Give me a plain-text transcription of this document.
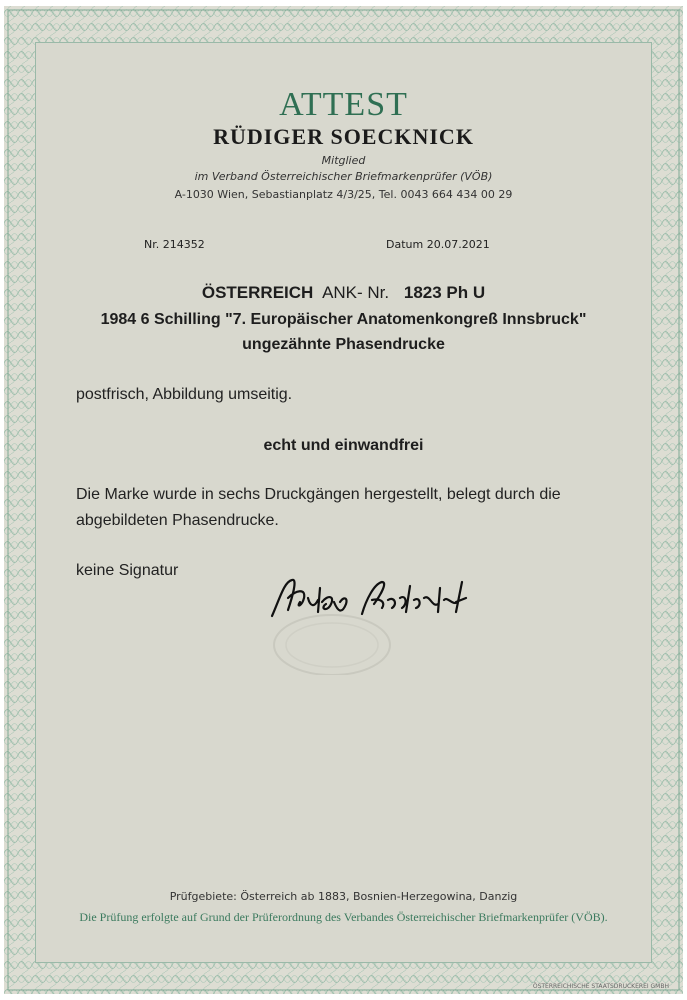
ATTEST
RÜDIGER SOECKNICK
Mitglied
im Verband Österreichischer Briefmarkenprüfer (VÖB)
A-1030 Wien, Sebastianplatz 4/3/25, Tel. 0043 664 434 00 29
Nr. 214352	Datum 20.07.2021
ÖSTERREICH ANK- Nr. 1823 Ph U
1984 6 Schilling "7. Europäischer Anatomenkongreß Innsbruck"
ungezähnte Phasendrucke
postfrisch, Abbildung umseitig.
echt und einwandfrei
Die Marke wurde in sechs Druckgängen hergestellt, belegt durch die
abgebildeten Phasendrucke.
keine Signatur
Prüfgebiete: Österreich ab 1883, Bosnien-Herzegowina, Danzig
Die Prüfung erfolgte auf Grund der Prüferordnung des Verbandes Österreichischer Briefmarkenprüfer (VÖB).
ÖSTERREICHISCHE STAATSDRUCKEREI GMBH
